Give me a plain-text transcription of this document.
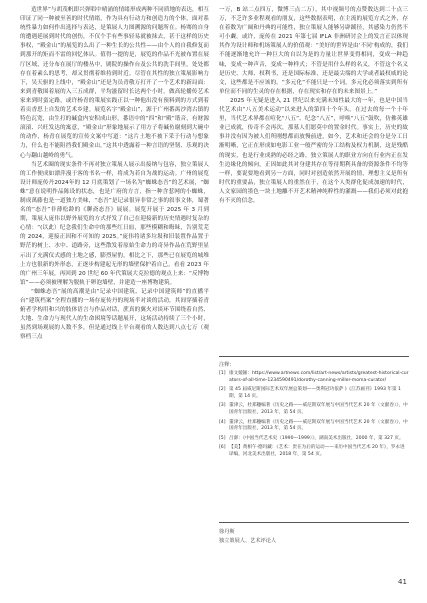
造世界”与胡茂帆即兴弹唱中晴涌的情绪形成两种不同质地的表达，相互印证了同一种被至善的时代情绪，作为具有行动力和创造力的个体，面对系统性暴力如何作出选择与表达，是策展人力图溯源的问题所在。杨骞的自身的遭遇延展到时代的创伤，不仅个手有些事轻易就被抹去，甚于这样的历史事权，“殿金山”的展览的么出了一种生长的公共性——由个人的自我修复而到那开的矩而不雷的回忆体认。值得一提的是，展览的作品不光被布置在展厅区域，还分布在展厅的楼丛中，剧院的操作台及公共的洗手间里，处处都存在着素么的思考，却又贯彻着维持到时近。尽管在其性的独立策展影响力下，吴天驱的上线中，“殿金山”还是为员青敬万打开了一个艺术的新局面：来到青敬围着展的入三五成群，平均滋留时长达两个小时。做高轮播传艺术家来到时蛮定路，或许杨青的策展实践正以一种他出没有预料到的方式到着着贡香思上自发的艺术乡建。展览名字“殿金山”，源于广州番禺沙湾古镇的特色瓦宽，由生打的碱盒内安积成山形，番语中的“四”和“殿”谐音，有财源滚滚、兴旺发达的寓意，“殿金山”形象地展示了用方子将碱鱼谢刻到大碗中的动作，杨青在展览的宣传文案中写道：“这片土地不被下采于行动与想象力，什么也不能阻挡我们殿金山。”这其中透露着一种言语的坚韧、乐观的决心与翻山越岭的勇气。

当艺术圈的现实条件不再对独立策展人展示出接纳与包容，独立策展人的工作便成如漂萍漫于客的书名一样，将成为若自为战的运动。广州的展览设计师庞传丹2024年的 12 月底策划了一场名为“蜘蛛态吾”的艺术展，“蜘蛛”意在说明作品陈设的状态，也是广府的方言，指一种含惹网的小蜘蛛，制成萬藤也是一道独方美味，“态吾”是记录很异非常之事的叙事文体，蜀著名的“态吾”非薄松龄的《聊斋态吾》展展。展览开展于 2025 年 3 月到期，策展人庞伟以野外展览的方式抒发了自己在迎接新的历史情遇时复杂的心情：“(以此）纪念我们生命中的那些红日皿，那些模糊和晦昧，告别荒芜的 2024，迎接正因和不可知的 2025。”庞伟将诸多垃圾和旧装置作品置于野茫的树上、水中、道路旁，这些散发着原始生命力的奇异作品在荒野里显示出了充满仪式感的土地之感，膨烈屋豹，相比之下，那些已在展览的城堆上方也很新的外形态，正逐步构建起无形的墙壁保护着自己，看看 2023 年的广州三年展，再回到 20 世纪 60 年代策展大克拉德的观点上来：“反博物馆”——必须被理解为脱轨于卵泡墙壁，并建造一座博物建筑。

“蜘蛛态吾”展的高潮是由“记录中国建筑、记录中国建筑师”的直播平台“建筑档案”全程直播的一场存庞传丹的现场半对谈的活动，其间穿插着青俯者学构用和兴的肢体语言与作品对话，蔗真的翼火对谈环节围绕着自然、大地、生命力与现代人的生命困境等话题展开，这场活动持续了三个小时，虽然到场观展的人数不多，但是通过线上平台观看的人数达到八点七万（观察档三点

一万，B 站二点四万，微博三点二万），其中视频号的点赞数达到二十点三万，不乏许多业程观看的朋友，这些数据表明，在主流的展览方式之外，存在着数为广阔和丹典的可能性，独立策展人能够另辟蹊径，其感染力仍然不可小觑。或许，庞传在 2021 年第七届 IFLA 非洲研讨会上的发言正以体现其作为设计师和机场策展人的价值观：“美好的世界是由‘不同’构成的，我们不能逐渐地允许一种巨大的自以为是的力量让世界变得相同，变成一种趋味，变成一种声音，变成一种样式；不管是用什么样的名义，不管这个名义是历史、大师、权利书，还是国际标准，还是最尖端的大学或者最权威的论文，这些都是不应该的。“多元化”不能只是一个词，多元化必须落实到所有单位而不同的生灵的存在根据，存在现实和存在的未来图景上。”

2025 年无疑是进入 21 世纪以来充满未知性最大的一年，也是中国当代艺术由“八五美术运动”以来进入的第四十个年头。在过去的每一个十年里，当代艺术界都在喧化“八五”、纪念“八五”，呼唤“八五”鼓吹，仿佛英雄业已成就，传奇不会再次，那墓人们愿莫中的置金时代。事实上，历史的故事并没有因为被人们所刚想都而放慢前进，如今，艺术和还会的分是分工日渐明晰，它正在形成如电影工业一般严密的分工结构及权力机制，这是残酷的现实，也是行业成熟的必经之路，独立策展人的职业方向在行业内正在发生边缘化的倾向，正因如此其对身建其存在等待期利具备的资源条件不均等一样，要说要地看到另一方面，同时对创造依然开展的情，理想主义是所有时代的重要品，独立策展人的重然在于，在这个人类群化促成加速的时代，人文家园的墨色一块土地離不开艺术精神纯粹性的灌溉——我们必须对此抱有不灭的信念。

注释：
[1] 康文媛颖：https://www.artnews.com/list/art-news/artists/greatest-historical-curators-of-all-time-1234590491/dorothy-canning-miller-moma-curator/
[2] 第 45 届威尼斯国际艺术双年展总策划——奥利冠功依萨 )《江苏画刊》1993 年第 1 期，第 14 页。
[3] 董津云，杜郑穗编著《历史之路——威尼斯双年展与中国当代艺术 20 年（文献卷）》，中国青年出版社，2013 年，第 54 页。
[4] 董津云，杜郑穗编著《历史之路——威尼斯双年展与中国当代艺术 20 年（文献卷）》，中国青年出版社，2013 年，第 54 页。
[5] 吕澎：《中国当代艺术史（1990—1999）》，湖南美术出版社，2000 年，第 327 页。
[6] 【美】黄相午·德玛藏：《艺术：贵在为后的运动——来历中国当代艺术 20 年》，罗永进译编，河北美术出版社，2018 年，第 54 页。
徐丹斯
独立策展人、艺术评论人
41
